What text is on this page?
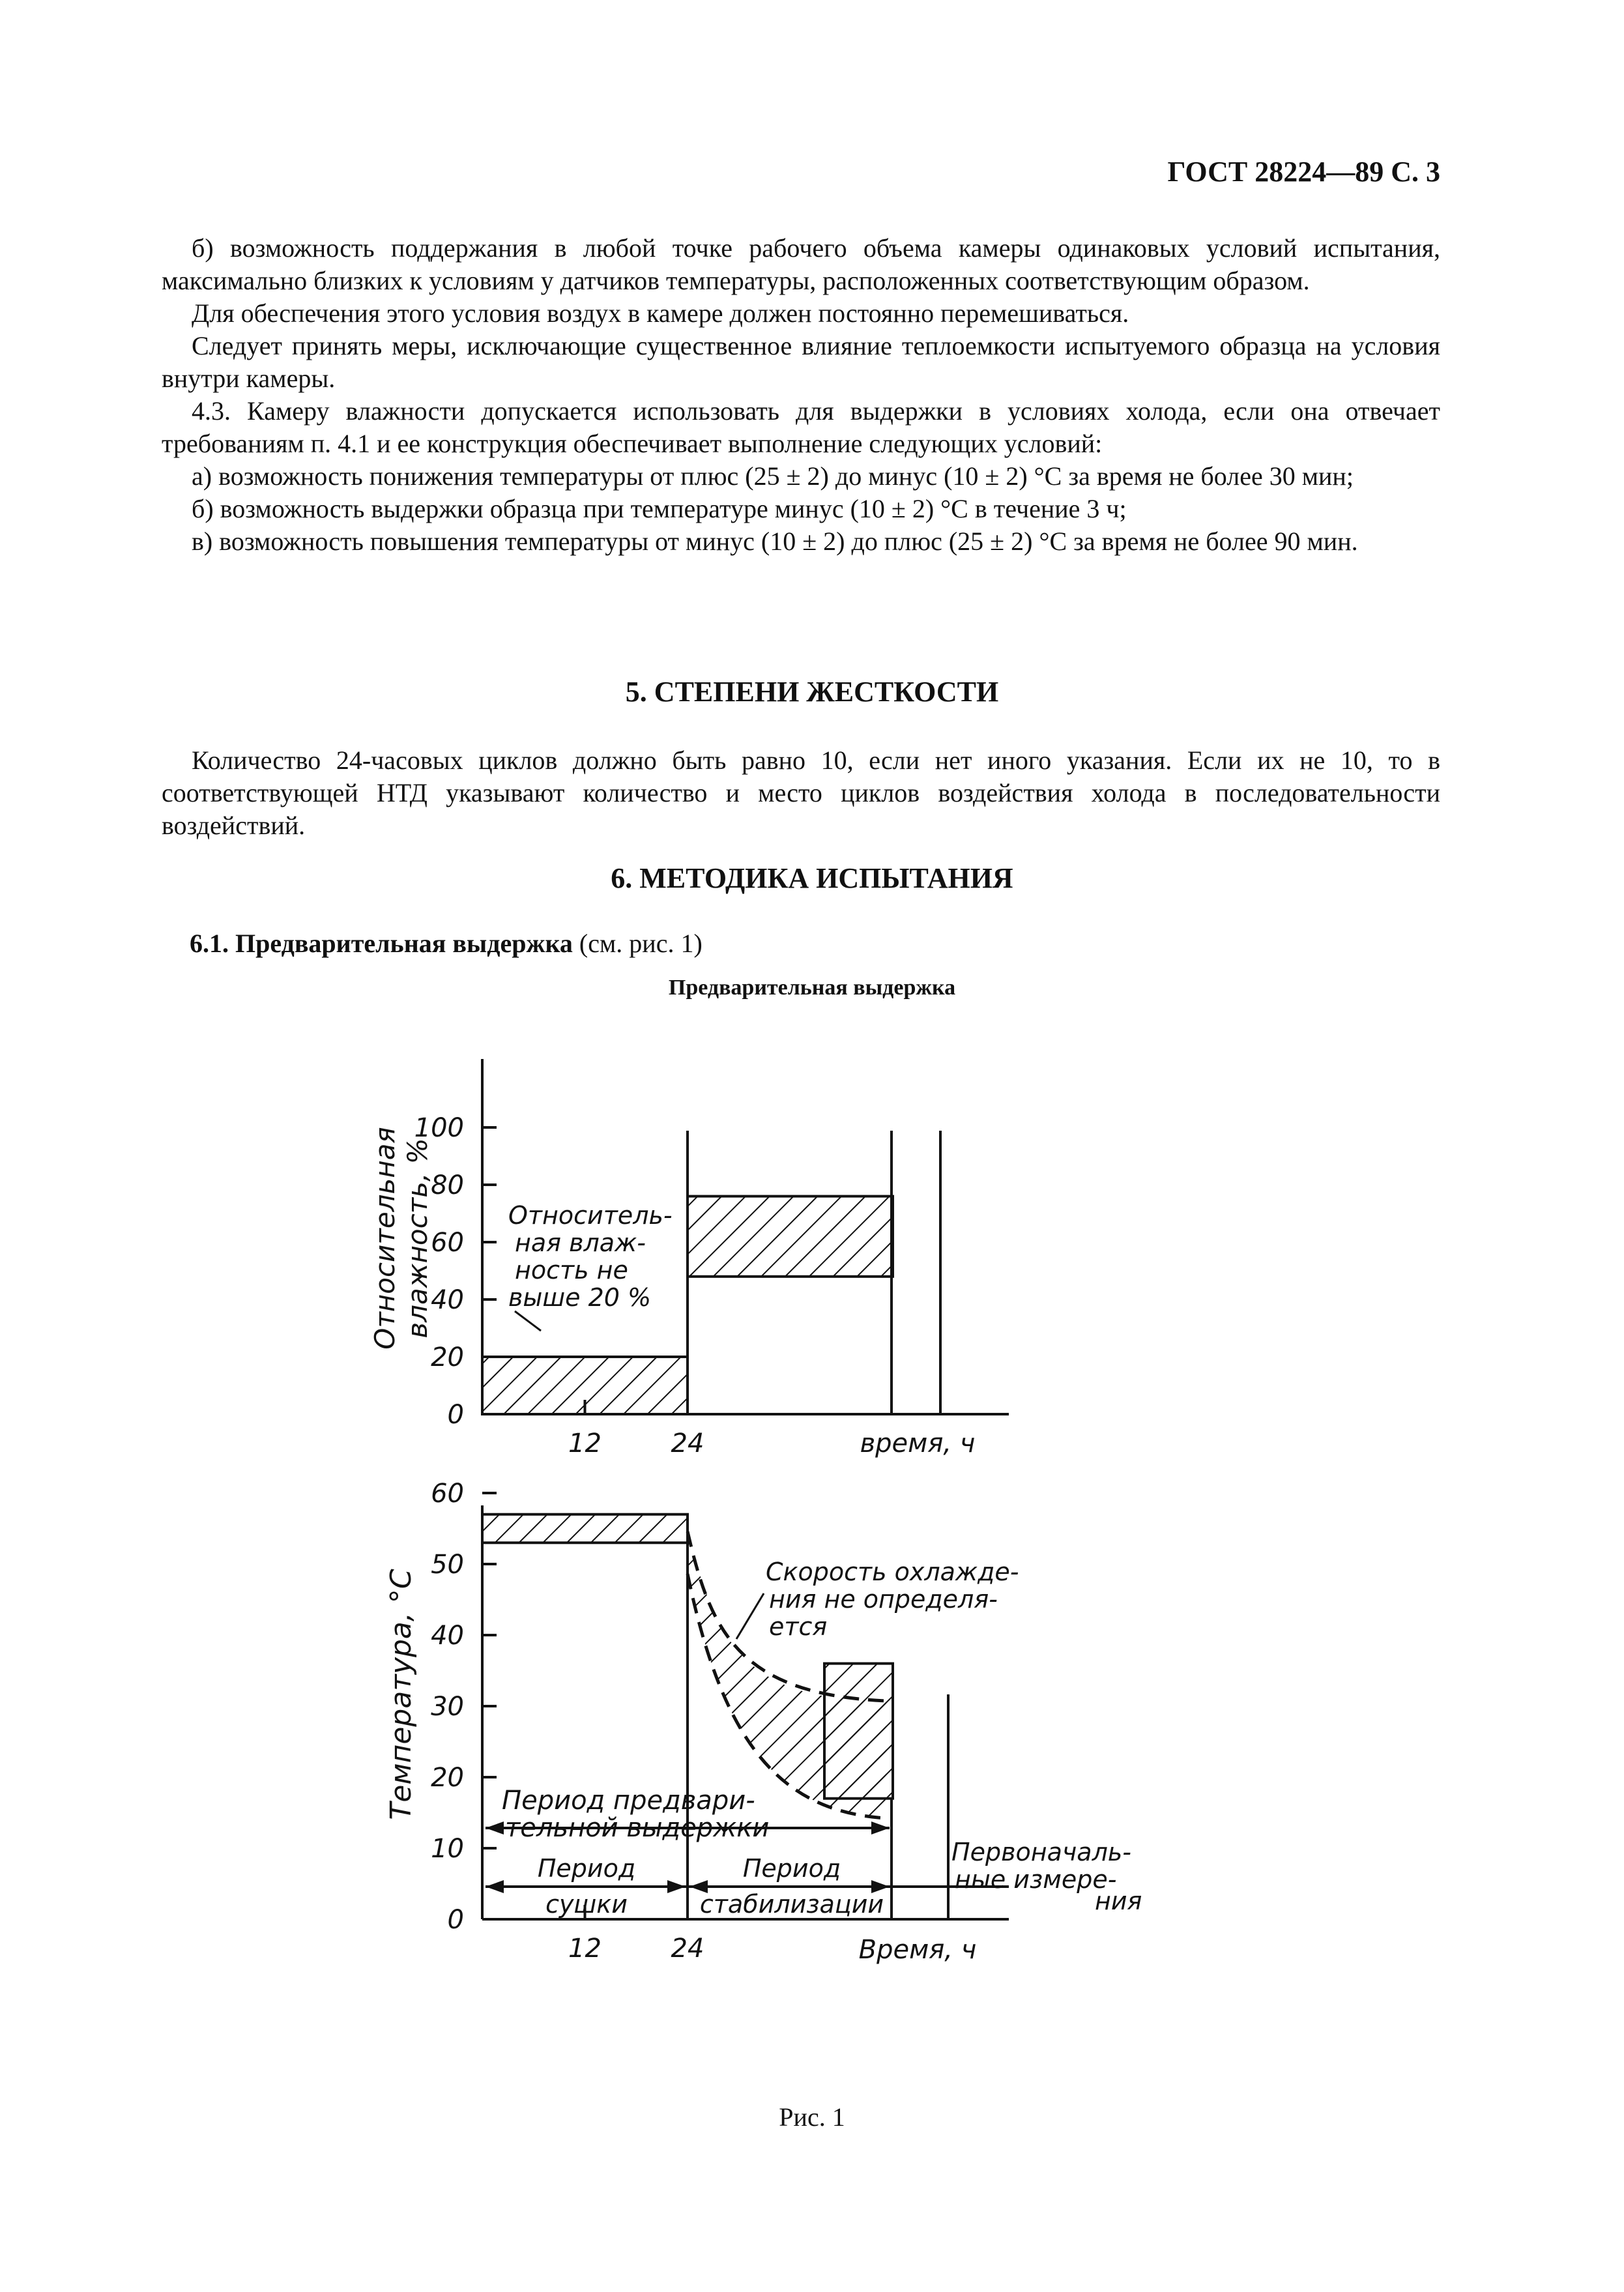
ГОСТ 28224—89 С. 3

б) возможность поддержания в любой точке рабочего объема камеры одинаковых условий испытания, максимально близких к условиям у датчиков температуры, расположенных соответствующим образом.

Для обеспечения этого условия воздух в камере должен постоянно перемешиваться.

Следует принять меры, исключающие существенное влияние теплоемкости испытуемого образца на условия внутри камеры.

4.3. Камеру влажности допускается использовать для выдержки в условиях холода, если она отвечает требованиям п. 4.1 и ее конструкция обеспечивает выполнение следующих условий:

а) возможность понижения температуры от плюс (25 ± 2) до минус (10 ± 2) °С за время не более 30 мин;

б) возможность выдержки образца при температуре минус (10 ± 2) °С в течение 3 ч;

в) возможность повышения температуры от минус (10 ± 2) до плюс (25 ± 2) °С за время не более 90 мин.

5. СТЕПЕНИ ЖЕСТКОСТИ

Количество 24-часовых циклов должно быть равно 10, если нет иного указания. Если их не 10, то в соответствующей НТД указывают количество и место циклов воздействия холода в последовательности воздействий.

6. МЕТОДИКА ИСПЫТАНИЯ
6.1. Предварительная выдержка (см. рис. 1)
Предварительная выдержка
0
20
40
60
80
100
12	24	время, ч
Относительная влажность, %	Относитель-
ная влаж-
ность не
выше 20 %
0
10
20
30
40
50
60
12	24	Время, ч
Температура, °С	Скорость охлажде-
ния не определя-
ется
Период предвари-
тельной выдержки
Период
сушки
Период
стабилизации
Первоначаль-
ные измере-
ния
Рис. 1
